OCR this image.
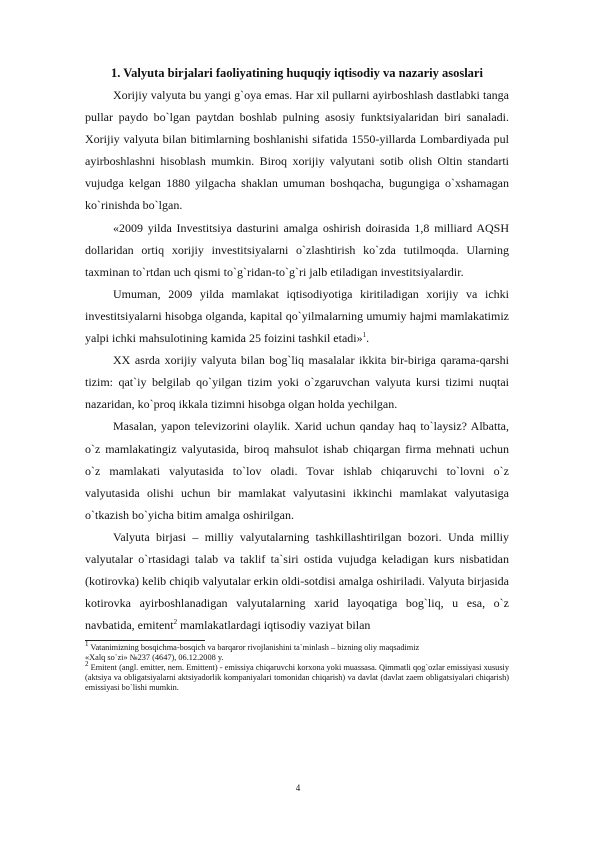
1. Valyuta birjalari faoliyatining huquqiy iqtisodiy va nazariy asoslari

Xorijiy valyuta bu yangi g`oya emas. Har xil pullarni ayirboshlash dastlabki tanga pullar paydo bo`lgan paytdan boshlab pulning asosiy funktsiyalaridan biri sanaladi. Xorijiy valyuta bilan bitimlarning boshlanishi sifatida 1550-yillarda Lombardiyada pul ayirboshlashni hisoblash mumkin. Biroq xorijiy valyutani sotib olish Oltin standarti vujudga kelgan 1880 yilgacha shaklan umuman boshqacha, bugungiga o`xshamagan ko`rinishda bo`lgan.

«2009 yilda Investitsiya dasturini amalga oshirish doirasida 1,8 milliard AQSH dollaridan ortiq xorijiy investitsiyalarni o`zlashtirish ko`zda tutilmoqda. Ularning taxminan to`rtdan uch qismi to`g`ridan-to`g`ri jalb etiladigan investitsiyalardir.

Umuman, 2009 yilda mamlakat iqtisodiyotiga kiritiladigan xorijiy va ichki investitsiyalarni hisobga olganda, kapital qo`yilmalarning umumiy hajmi mamlakatimiz yalpi ichki mahsulotining kamida 25 foizini tashkil etadi»$^1$.

XX asrda xorijiy valyuta bilan bog`liq masalalar ikkita bir-biriga qarama-qarshi tizim: qat`iy belgilab qo`yilgan tizim yoki o`zgaruvchan valyuta kursi tizimi nuqtai nazaridan, ko`proq ikkala tizimni hisobga olgan holda yechilgan.

Masalan, yapon televizorini olaylik. Xarid uchun qanday haq to`laysiz? Albatta, o`z mamlakatingiz valyutasida, biroq mahsulot ishab chiqargan firma mehnati uchun o`z mamlakati valyutasida to`lov oladi. Tovar ishlab chiqaruvchi to`lovni o`z valyutasida olishi uchun bir mamlakat valyutasini ikkinchi mamlakat valyutasiga o`tkazish bo`yicha bitim amalga oshirilgan.

Valyuta birjasi – milliy valyutalarning tashkillashtirilgan bozori. Unda milliy valyutalar o`rtasidagi talab va taklif ta`siri ostida vujudga keladigan kurs nisbatidan (kotirovka) kelib chiqib valyutalar erkin oldi-sotdisi amalga oshiriladi. Valyuta birjasida kotirovka ayirboshlanadigan valyutalarning xarid layoqatiga bog`liq, u esa, o`z navbatida, emitent$^2$ mamlakatlardagi iqtisodiy vaziyat bilan

$^1$ Vatanimizning bosqichma-bosqich va barqaror rivojlanishini ta`minlash – bizning oliy maqsadimiz

«Xalq so`zi» №237 (4647), 06.12.2008 y.

$^2$ Emitent (angl. emitter, nem. Emittent) - emissiya chiqaruvchi korxona yoki muassasa. Qimmatli qog`ozlar emissiyasi xususiy (aktsiya va obligatsiyalarni aktsiyadorlik kompaniyalari tomonidan chiqarish) va davlat (davlat zaem obligatsiyalari chiqarish) emissiyasi bo`lishi mumkin.

4
